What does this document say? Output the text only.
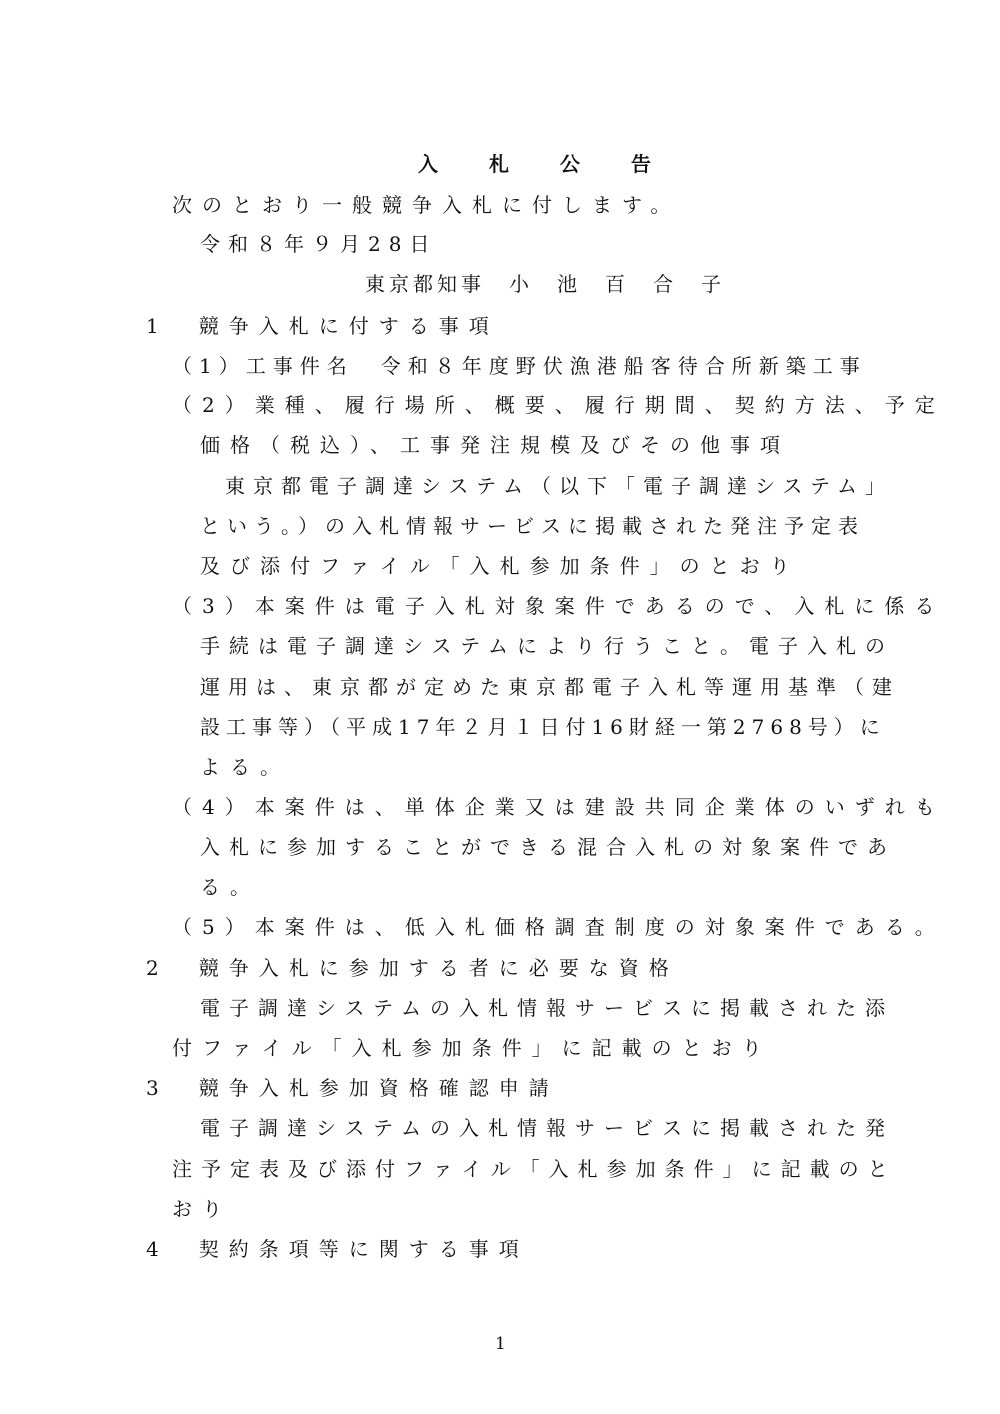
入 札 公 告
次のとおり一般競争入札に付します。
令和８年９月28日
東京都知事　小　池　百　合　子
1　競争入札に付する事項
（1）工事件名　令和８年度野伏漁港船客待合所新築工事
（2）業種、履行場所、概要、履行期間、契約方法、予定
価格（税込）、工事発注規模及びその他事項
東京都電子調達システム（以下「電子調達システム」
という。）の入札情報サービスに掲載された発注予定表
及び添付ファイル「入札参加条件」のとおり
（3）本案件は電子入札対象案件であるので、入札に係る
手続は電子調達システムにより行うこと。電子入札の
運用は、東京都が定めた東京都電子入札等運用基準（建
設工事等）（平成17年２月１日付16財経一第2768号）に
よる。
（4）本案件は、単体企業又は建設共同企業体のいずれも
入札に参加することができる混合入札の対象案件であ
る。
（5）本案件は、低入札価格調査制度の対象案件である。
2　競争入札に参加する者に必要な資格
電子調達システムの入札情報サービスに掲載された添
付ファイル「入札参加条件」に記載のとおり
3　競争入札参加資格確認申請
電子調達システムの入札情報サービスに掲載された発
注予定表及び添付ファイル「入札参加条件」に記載のと
おり
4　契約条項等に関する事項
1
